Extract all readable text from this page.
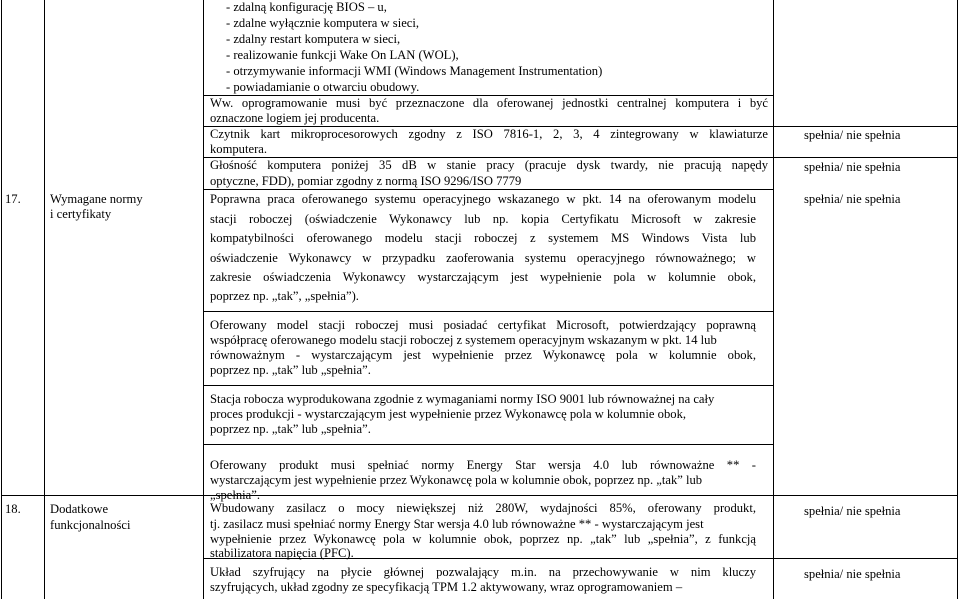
17. Wymagane normy
i certyfikaty
18. Dodatkowe
funkcjonalności
- zdalną konfigurację BIOS – u,
- zdalne wyłącznie komputera w sieci,
- zdalny restart komputera w sieci,
- realizowanie funkcji Wake On LAN (WOL),
- otrzymywanie informacji WMI (Windows Management Instrumentation)
- powiadamianie o otwarciu obudowy.
Ww. oprogramowanie musi być przeznaczone dla oferowanej jednostki centralnej komputera i być
oznaczone logiem jej producenta.
Czytnik kart mikroprocesorowych zgodny z ISO 7816-1, 2, 3, 4 zintegrowany w klawiaturze
komputera.
Głośność komputera poniżej 35 dB w stanie pracy (pracuje dysk twardy, nie pracują napędy
optyczne, FDD), pomiar zgodny z normą ISO 9296/ISO 7779
Poprawna praca oferowanego systemu operacyjnego wskazanego w pkt. 14 na oferowanym modelu
stacji roboczej (oświadczenie Wykonawcy lub np. kopia Certyfikatu Microsoft w zakresie
kompatybilności oferowanego modelu stacji roboczej z systemem MS Windows Vista lub
oświadczenie Wykonawcy w przypadku zaoferowania systemu operacyjnego równoważnego; w
zakresie oświadczenia Wykonawcy wystarczającym jest wypełnienie pola w kolumnie obok,
poprzez np. „tak”, „spełnia”).
Oferowany model stacji roboczej musi posiadać certyfikat Microsoft, potwierdzający poprawną
współpracę oferowanego modelu stacji roboczej z systemem operacyjnym wskazanym w pkt. 14 lub
równoważnym - wystarczającym jest wypełnienie przez Wykonawcę pola w kolumnie obok,
poprzez np. „tak” lub „spełnia”.
Stacja robocza wyprodukowana zgodnie z wymaganiami normy ISO 9001 lub równoważnej na cały
proces produkcji - wystarczającym jest wypełnienie przez Wykonawcę pola w kolumnie obok,
poprzez np. „tak” lub „spełnia”.
Oferowany produkt musi spełniać normy Energy Star wersja 4.0 lub równoważne ** -
wystarczającym jest wypełnienie przez Wykonawcę pola w kolumnie obok, poprzez np. „tak” lub
„spełnia”.
Wbudowany zasilacz o mocy niewiększej niż 280W, wydajności 85%, oferowany produkt,
tj. zasilacz musi spełniać normy Energy Star wersja 4.0 lub równoważne ** - wystarczającym jest
wypełnienie przez Wykonawcę pola w kolumnie obok, poprzez np. „tak” lub „spełnia”, z funkcją
stabilizatora napięcia (PFC).
Układ szyfrujący na płycie głównej pozwalający m.in. na przechowywanie w nim kluczy
szyfrujących, układ zgodny ze specyfikacją TPM 1.2 aktywowany, wraz oprogramowaniem –
spełnia/ nie spełnia
spełnia/ nie spełnia
spełnia/ nie spełnia
spełnia/ nie spełnia
spełnia/ nie spełnia
